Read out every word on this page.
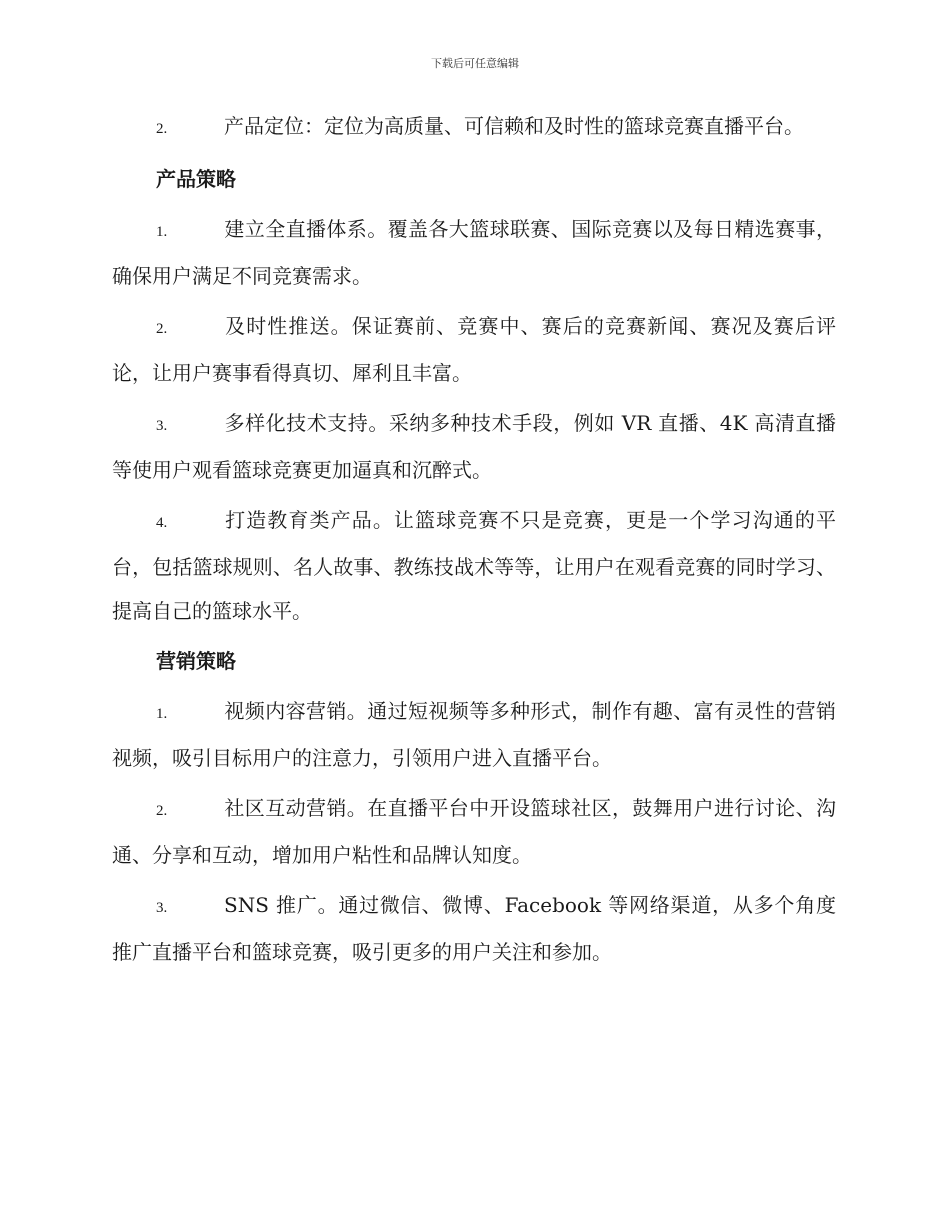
下载后可任意编辑

2.	产品定位：定位为高质量、可信赖和及时性的篮球竞赛直播平台。

产品策略

1.	建立全直播体系。覆盖各大篮球联赛、国际竞赛以及每日精选赛事，确保用户满足不同竞赛需求。

2.	及时性推送。保证赛前、竞赛中、赛后的竞赛新闻、赛况及赛后评论，让用户赛事看得真切、犀利且丰富。

3.	多样化技术支持。采纳多种技术手段，例如 VR 直播、4K 高清直播等使用户观看篮球竞赛更加逼真和沉醉式。

4.	打造教育类产品。让篮球竞赛不只是竞赛，更是一个学习沟通的平台，包括篮球规则、名人故事、教练技战术等等，让用户在观看竞赛的同时学习、提高自己的篮球水平。

营销策略

1.	视频内容营销。通过短视频等多种形式，制作有趣、富有灵性的营销视频，吸引目标用户的注意力，引领用户进入直播平台。

2.	社区互动营销。在直播平台中开设篮球社区，鼓舞用户进行讨论、沟通、分享和互动，增加用户粘性和品牌认知度。

3.	SNS 推广。通过微信、微博、Facebook 等网络渠道，从多个角度推广直播平台和篮球竞赛，吸引更多的用户关注和参加。
